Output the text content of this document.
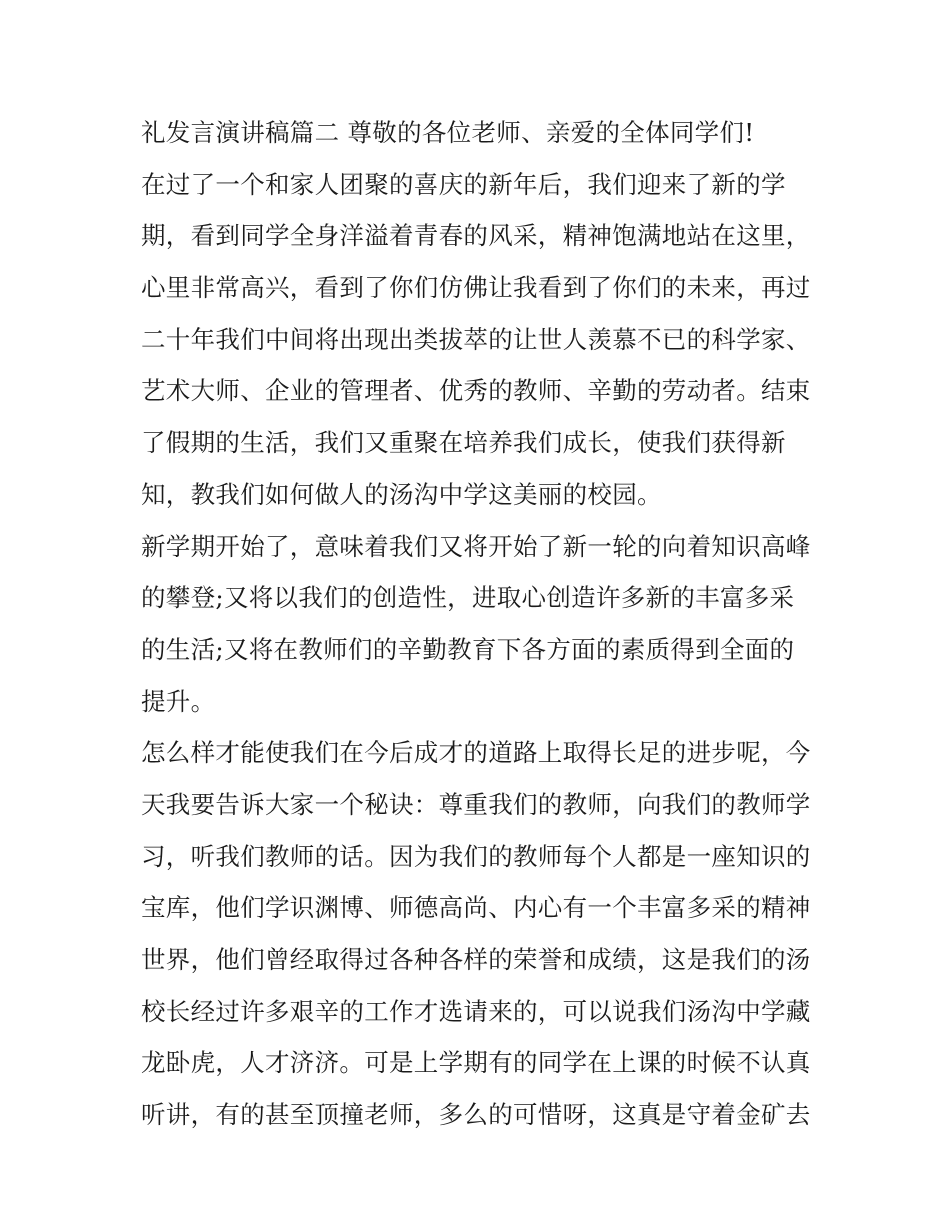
礼发言演讲稿篇二 尊敬的各位老师、亲爱的全体同学们!
在过了一个和家人团聚的喜庆的新年后，我们迎来了新的学
期，看到同学全身洋溢着青春的风采，精神饱满地站在这里，
心里非常高兴，看到了你们仿佛让我看到了你们的未来，再过
二十年我们中间将出现出类拔萃的让世人羡慕不已的科学家、
艺术大师、企业的管理者、优秀的教师、辛勤的劳动者。结束
了假期的生活，我们又重聚在培养我们成长，使我们获得新
知，教我们如何做人的汤沟中学这美丽的校园。
新学期开始了，意味着我们又将开始了新一轮的向着知识高峰
的攀登;又将以我们的创造性，进取心创造许多新的丰富多采
的生活;又将在教师们的辛勤教育下各方面的素质得到全面的
提升。
怎么样才能使我们在今后成才的道路上取得长足的进步呢，今
天我要告诉大家一个秘诀：尊重我们的教师，向我们的教师学
习，听我们教师的话。因为我们的教师每个人都是一座知识的
宝库，他们学识渊博、师德高尚、内心有一个丰富多采的精神
世界，他们曾经取得过各种各样的荣誉和成绩，这是我们的汤
校长经过许多艰辛的工作才选请来的，可以说我们汤沟中学藏
龙卧虎，人才济济。可是上学期有的同学在上课的时候不认真
听讲，有的甚至顶撞老师，多么的可惜呀，这真是守着金矿去
